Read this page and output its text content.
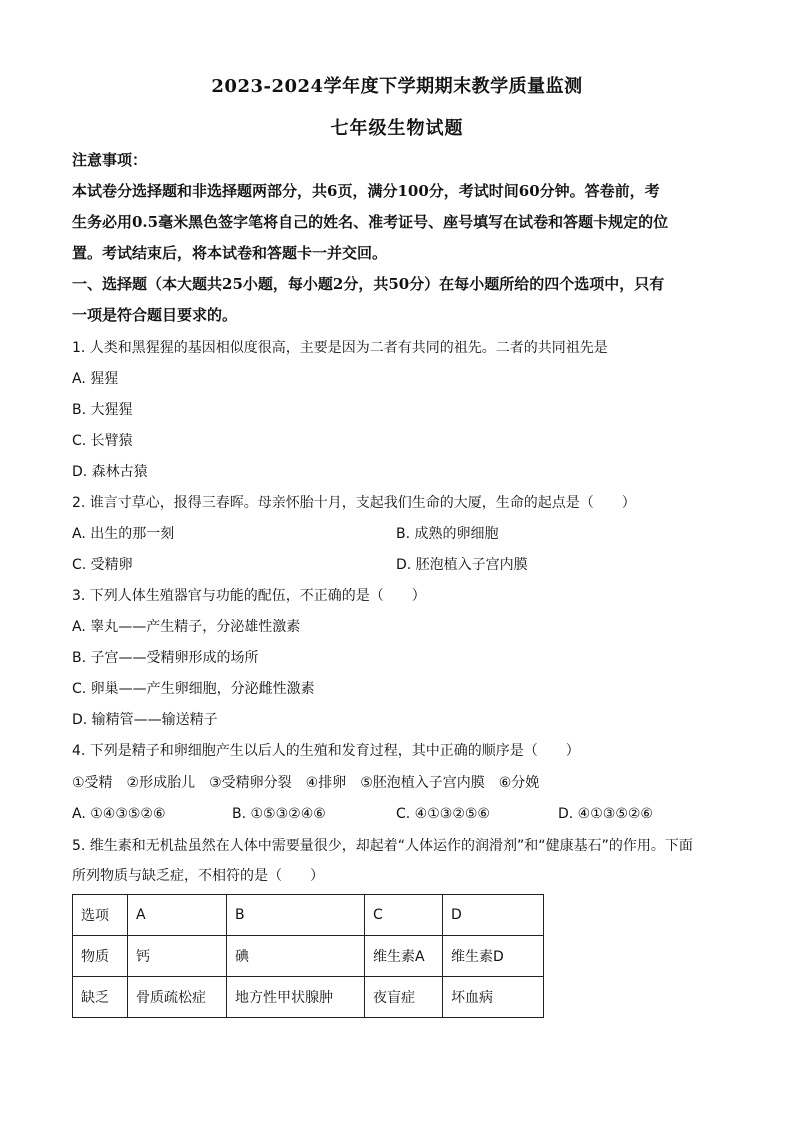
2023-2024学年度下学期期末教学质量监测
七年级生物试题
注意事项：
本试卷分选择题和非选择题两部分，共6页，满分100分，考试时间60分钟。答卷前，考
生务必用0.5毫米黑色签字笔将自己的姓名、准考证号、座号填写在试卷和答题卡规定的位
置。考试结束后，将本试卷和答题卡一并交回。
一、选择题（本大题共25小题，每小题2分，共50分）在每小题所给的四个选项中，只有
一项是符合题目要求的。
1. 人类和黑猩猩的基因相似度很高，主要是因为二者有共同的祖先。二者的共同祖先是
A. 猩猩
B. 大猩猩
C. 长臂猿
D. 森林古猿
2. 谁言寸草心，报得三春晖。母亲怀胎十月，支起我们生命的大厦，生命的起点是（　　）
A. 出生的那一刻	B. 成熟的卵细胞
C. 受精卵	D. 胚泡植入子宫内膜
3. 下列人体生殖器官与功能的配伍，不正确的是（　　）
A. 睾丸——产生精子，分泌雄性激素
B. 子宫——受精卵形成的场所
C. 卵巢——产生卵细胞，分泌雌性激素
D. 输精管——输送精子
4. 下列是精子和卵细胞产生以后人的生殖和发育过程，其中正确的顺序是（　　）
①受精　②形成胎儿　③受精卵分裂　④排卵　⑤胚泡植入子宫内膜　⑥分娩
A. ①④③⑤②⑥	B. ①⑤③②④⑥	C. ④①③②⑤⑥	D. ④①③⑤②⑥
5. 维生素和无机盐虽然在人体中需要量很少，却起着“人体运作的润滑剂”和“健康基石”的作用。下面
所列物质与缺乏症，不相符的是（　　）
选项	A	B	C	D
物质	钙	碘	维生素A	维生素D
缺乏	骨质疏松症	地方性甲状腺肿	夜盲症	坏血病
